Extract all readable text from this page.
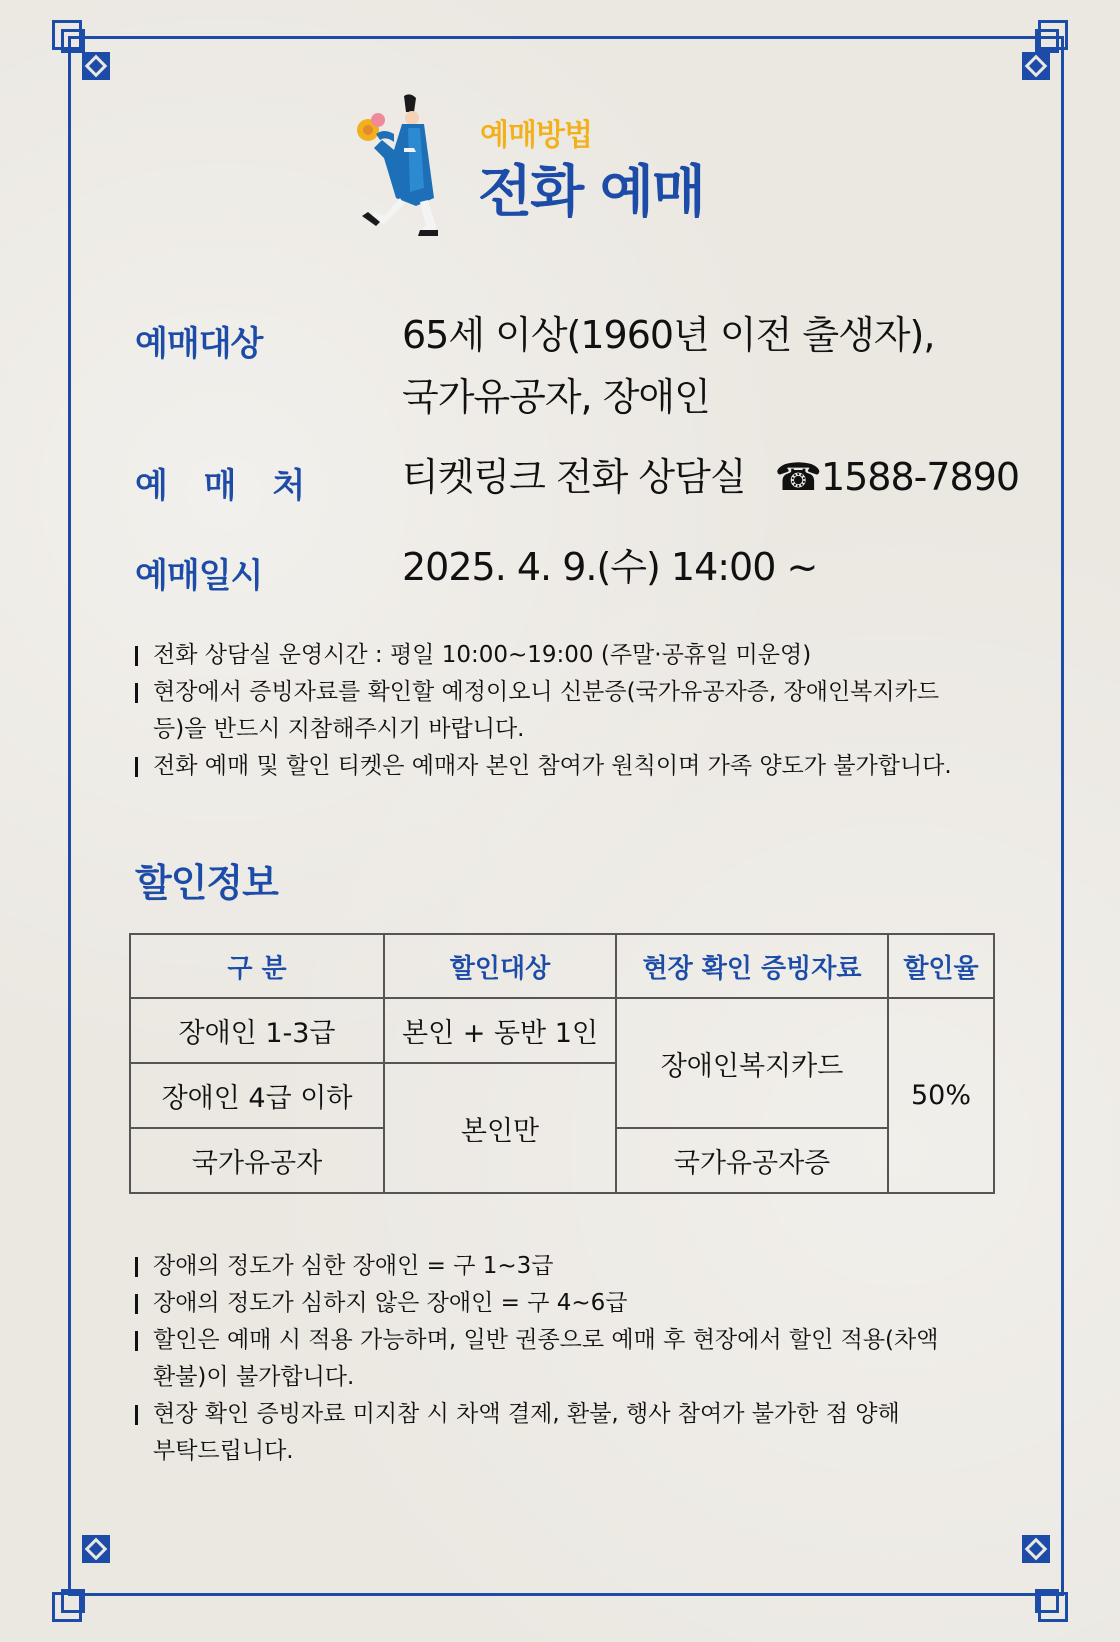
예매방법
전화 예매
예매대상	65세 이상(1960년 이전 출생자),
국가유공자, 장애인
예 매 처 티켓링크 전화 상담실 ☎1588-7890
예매일시	2025. 4. 9.(수) 14:00 ~
전화 상담실 운영시간 : 평일 10:00~19:00 (주말·공휴일 미운영)
현장에서 증빙자료를 확인할 예정이오니 신분증(국가유공자증, 장애인복지카드
등)을 반드시 지참해주시기 바랍니다.
전화 예매 및 할인 티켓은 예매자 본인 참여가 원칙이며 가족 양도가 불가합니다.
할인정보
구 분	할인대상	현장 확인 증빙자료	할인율
장애인 1-3급	본인 + 동반 1인	장애인복지카드	50%
장애인 4급 이하	본인만		
국가유공자		국가유공자증	
장애의 정도가 심한 장애인 = 구 1~3급
장애의 정도가 심하지 않은 장애인 = 구 4~6급
할인은 예매 시 적용 가능하며, 일반 권종으로 예매 후 현장에서 할인 적용(차액
환불)이 불가합니다.
현장 확인 증빙자료 미지참 시 차액 결제, 환불, 행사 참여가 불가한 점 양해
부탁드립니다.
